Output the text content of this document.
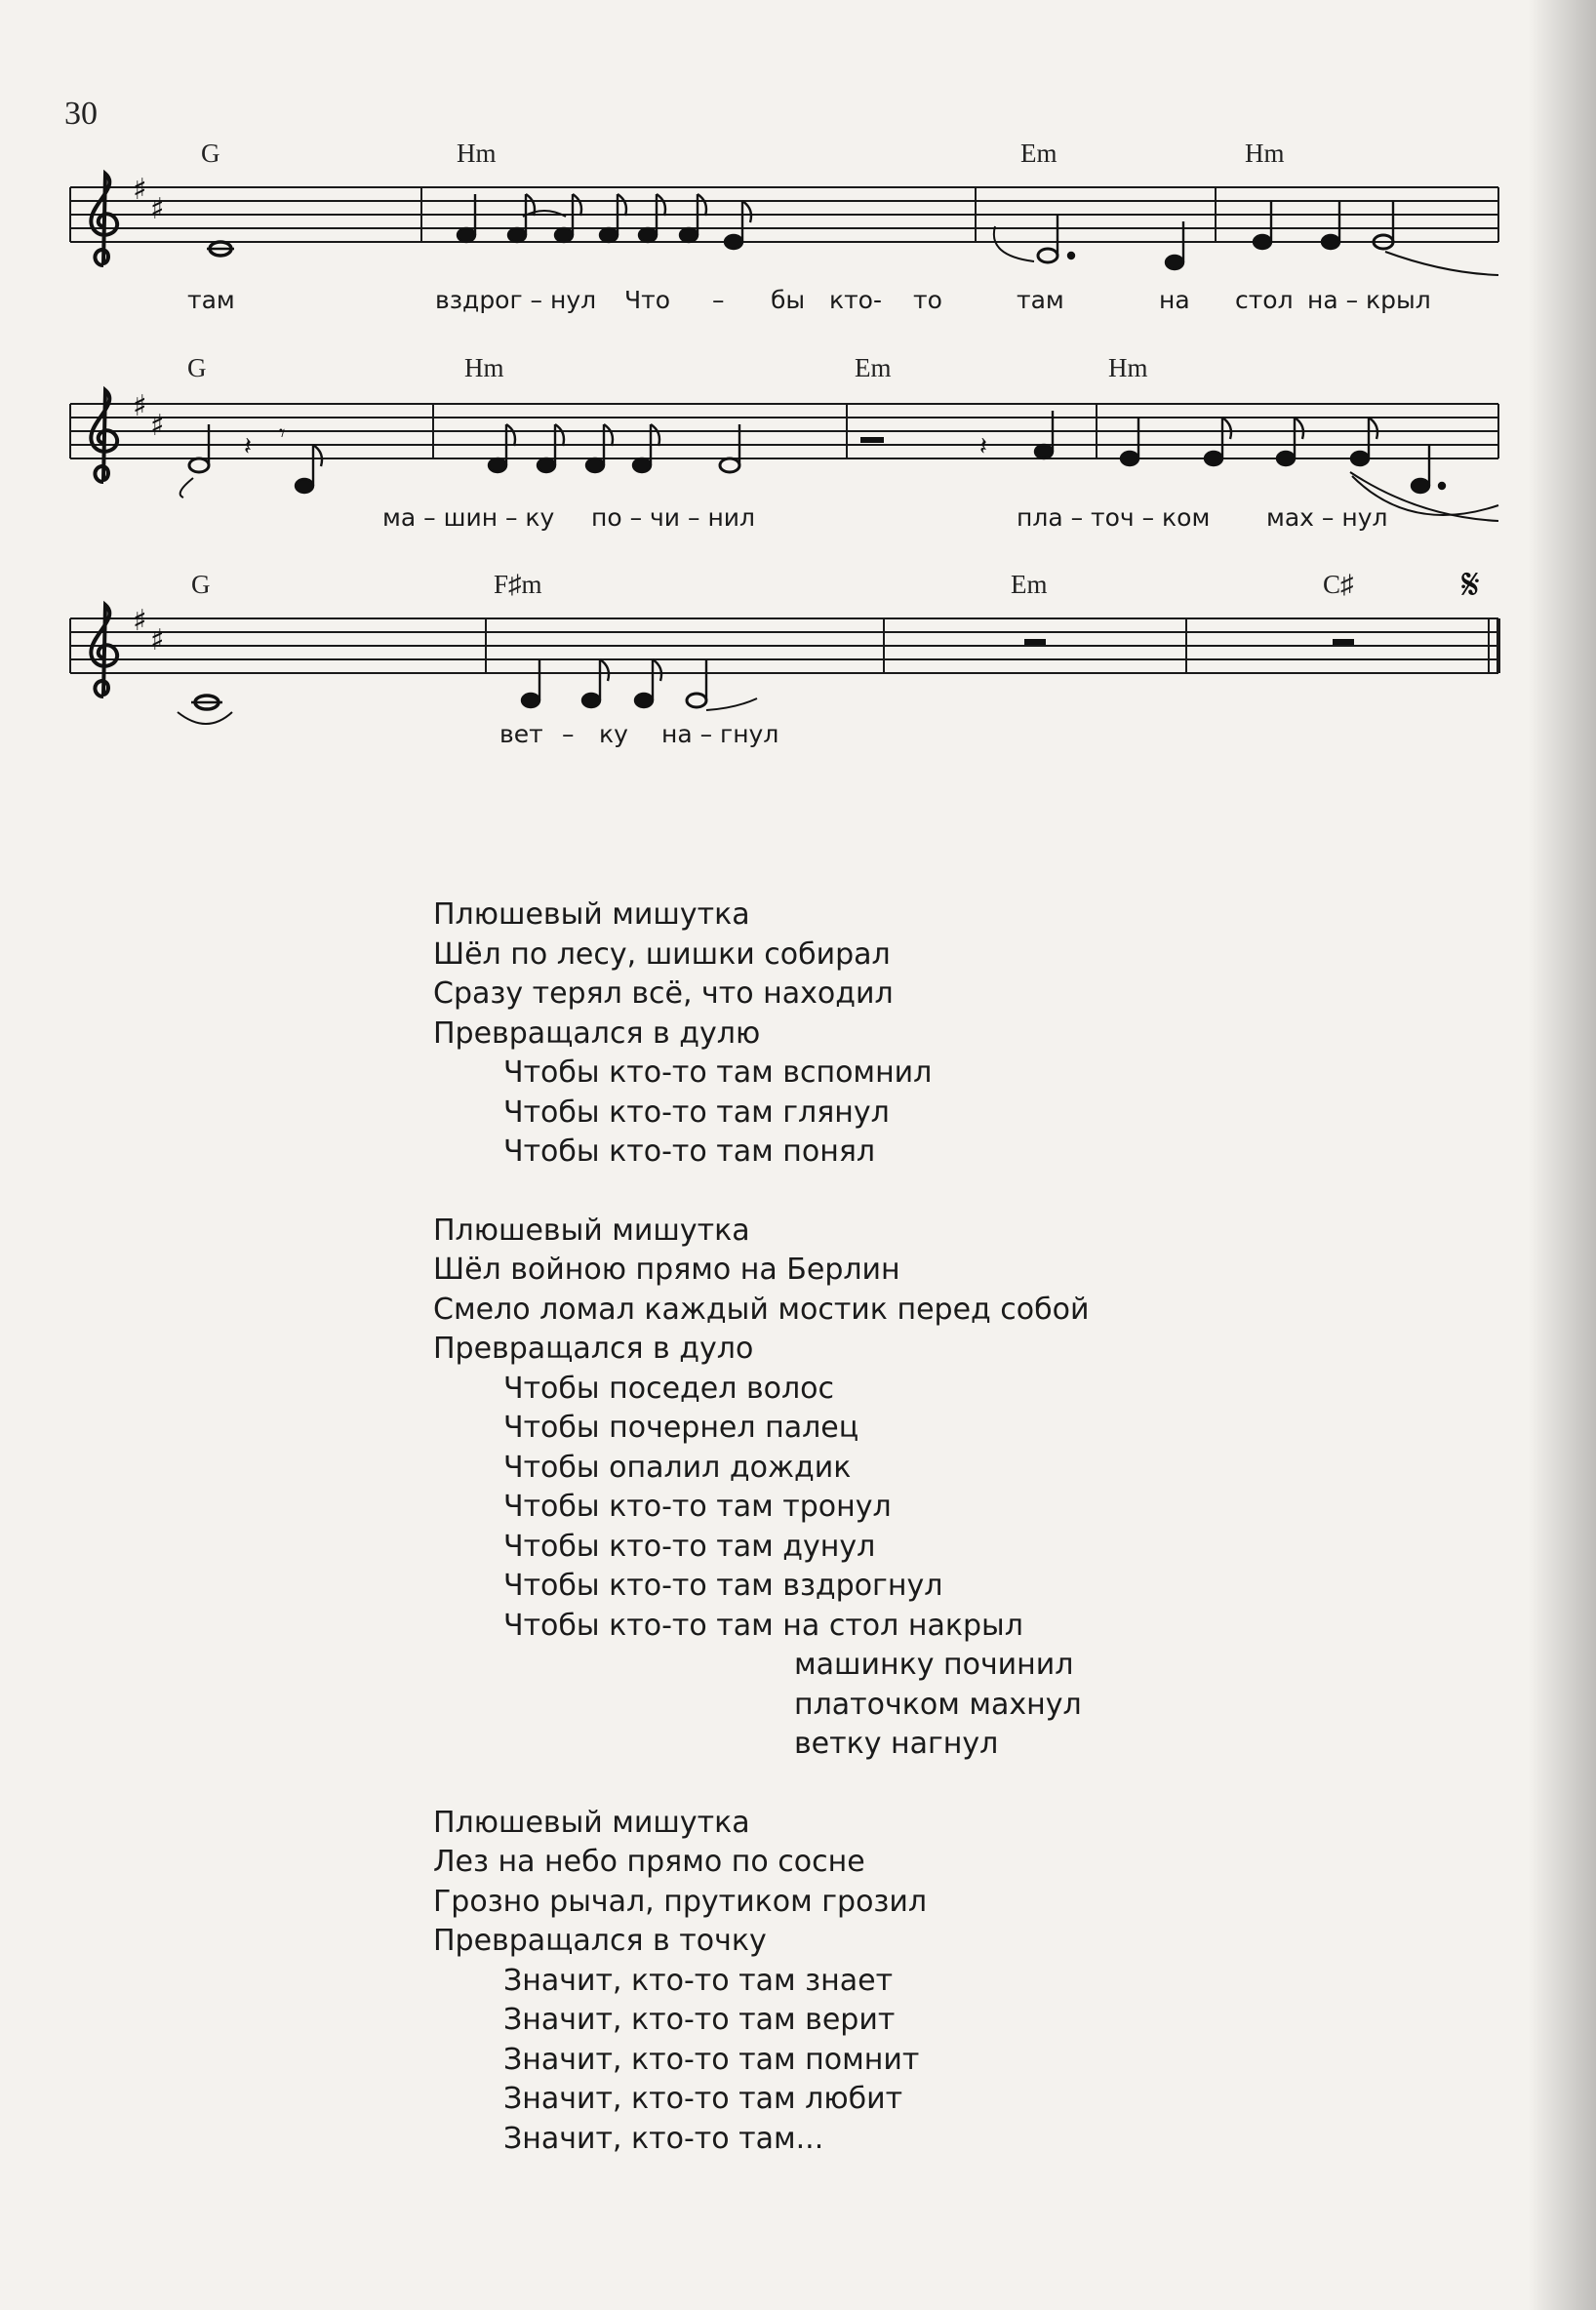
30
G	Hm	Em	Hm
♯
♯
там	вздрог – нул Что – бы кто- то	там	на стол на – крыл
G	Hm	Em	Hm
♯
♯
𝄽 𝄾	𝄽
ма – шин – ку по – чи – нил	пла – точ – ком мах – нул
G	F♯m	Em	C♯
♯
♯
𝄋
вет – ку на – гнул
Плюшевый мишутка
Шёл по лесу, шишки собирал
Сразу терял всё, что находил
Превращался в дулю
Чтобы кто-то там вспомнил
Чтобы кто-то там глянул
Чтобы кто-то там понял
Плюшевый мишутка
Шёл войною прямо на Берлин
Смело ломал каждый мостик перед собой
Превращался в дуло
Чтобы поседел волос
Чтобы почернел палец
Чтобы опалил дождик
Чтобы кто-то там тронул
Чтобы кто-то там дунул
Чтобы кто-то там вздрогнул
Чтобы кто-то там на стол накрыл
машинку починил
платочком махнул
ветку нагнул
Плюшевый мишутка
Лез на небо прямо по сосне
Грозно рычал, прутиком грозил
Превращался в точку
Значит, кто-то там знает
Значит, кто-то там верит
Значит, кто-то там помнит
Значит, кто-то там любит
Значит, кто-то там...
